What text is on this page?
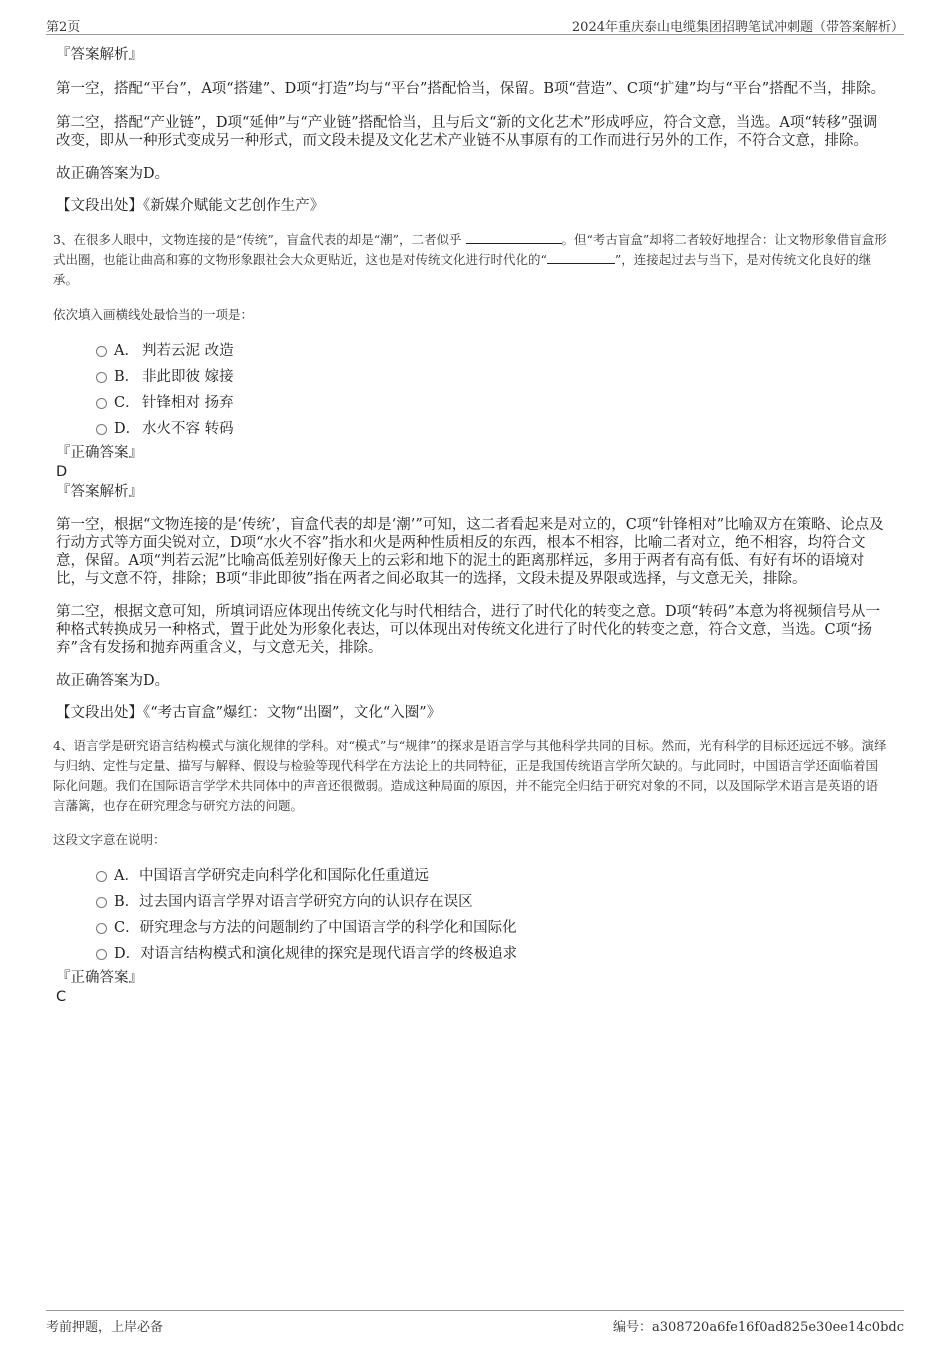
第2页	2024年重庆泰山电缆集团招聘笔试冲刺题（带答案解析）
『答案解析』

第一空，搭配“平台”，A项“搭建”、D项“打造”均与“平台”搭配恰当，保留。B项“营造”、C项“扩建”均与“平台”搭配不当，排除。

第二空，搭配“产业链”，D项“延伸”与“产业链”搭配恰当，且与后文“新的文化艺术”形成呼应，符合文意，当选。A项“转移”强调改变，即从一种形式变成另一种形式，而文段未提及文化艺术产业链不从事原有的工作而进行另外的工作，不符合文意，排除。

故正确答案为D。

【文段出处】《新媒介赋能文艺创作生产》

3、在很多人眼中，文物连接的是“传统”，盲盒代表的却是“潮”，二者似乎	。但“考古盲盒”却将二者较好地捏合：让文物形象借盲盒形式出圈，也能让曲高和寡的文物形象跟社会大众更贴近，这也是对传统文化进行时代化的“	”，连接起过去与当下，是对传统文化良好的继承。

依次填入画横线处最恰当的一项是：
A． 判若云泥 改造
B． 非此即彼 嫁接
C． 针锋相对 扬弃
D． 水火不容 转码
『正确答案』
D
『答案解析』

第一空，根据“文物连接的是‘传统’，盲盒代表的却是‘潮’”可知，这二者看起来是对立的，C项“针锋相对”比喻双方在策略、论点及行动方式等方面尖锐对立，D项“水火不容”指水和火是两种性质相反的东西，根本不相容，比喻二者对立，绝不相容，均符合文意，保留。A项“判若云泥”比喻高低差别好像天上的云彩和地下的泥土的距离那样远，多用于两者有高有低、有好有坏的语境对比，与文意不符，排除；B项“非此即彼”指在两者之间必取其一的选择，文段未提及界限或选择，与文意无关，排除。

第二空，根据文意可知，所填词语应体现出传统文化与时代相结合，进行了时代化的转变之意。D项“转码”本意为将视频信号从一种格式转换成另一种格式，置于此处为形象化表达，可以体现出对传统文化进行了时代化的转变之意，符合文意，当选。C项“扬弃”含有发扬和抛弃两重含义，与文意无关，排除。

故正确答案为D。

【文段出处】《“考古盲盒”爆红：文物“出圈”，文化“入圈”》

4、语言学是研究语言结构模式与演化规律的学科。对“模式”与“规律”的探求是语言学与其他科学共同的目标。然而，光有科学的目标还远远不够。演绎与归纳、定性与定量、描写与解释、假设与检验等现代科学在方法论上的共同特征，正是我国传统语言学所欠缺的。与此同时，中国语言学还面临着国际化问题。我们在国际语言学学术共同体中的声音还很微弱。造成这种局面的原因，并不能完全归结于研究对象的不同，以及国际学术语言是英语的语言藩篱，也存在研究理念与研究方法的问题。

这段文字意在说明：
A．中国语言学研究走向科学化和国际化任重道远
B．过去国内语言学界对语言学研究方向的认识存在误区
C．研究理念与方法的问题制约了中国语言学的科学化和国际化
D．对语言结构模式和演化规律的探究是现代语言学的终极追求
『正确答案』
C
考前押题，上岸必备	编号：a308720a6fe16f0ad825e30ee14c0bdc
